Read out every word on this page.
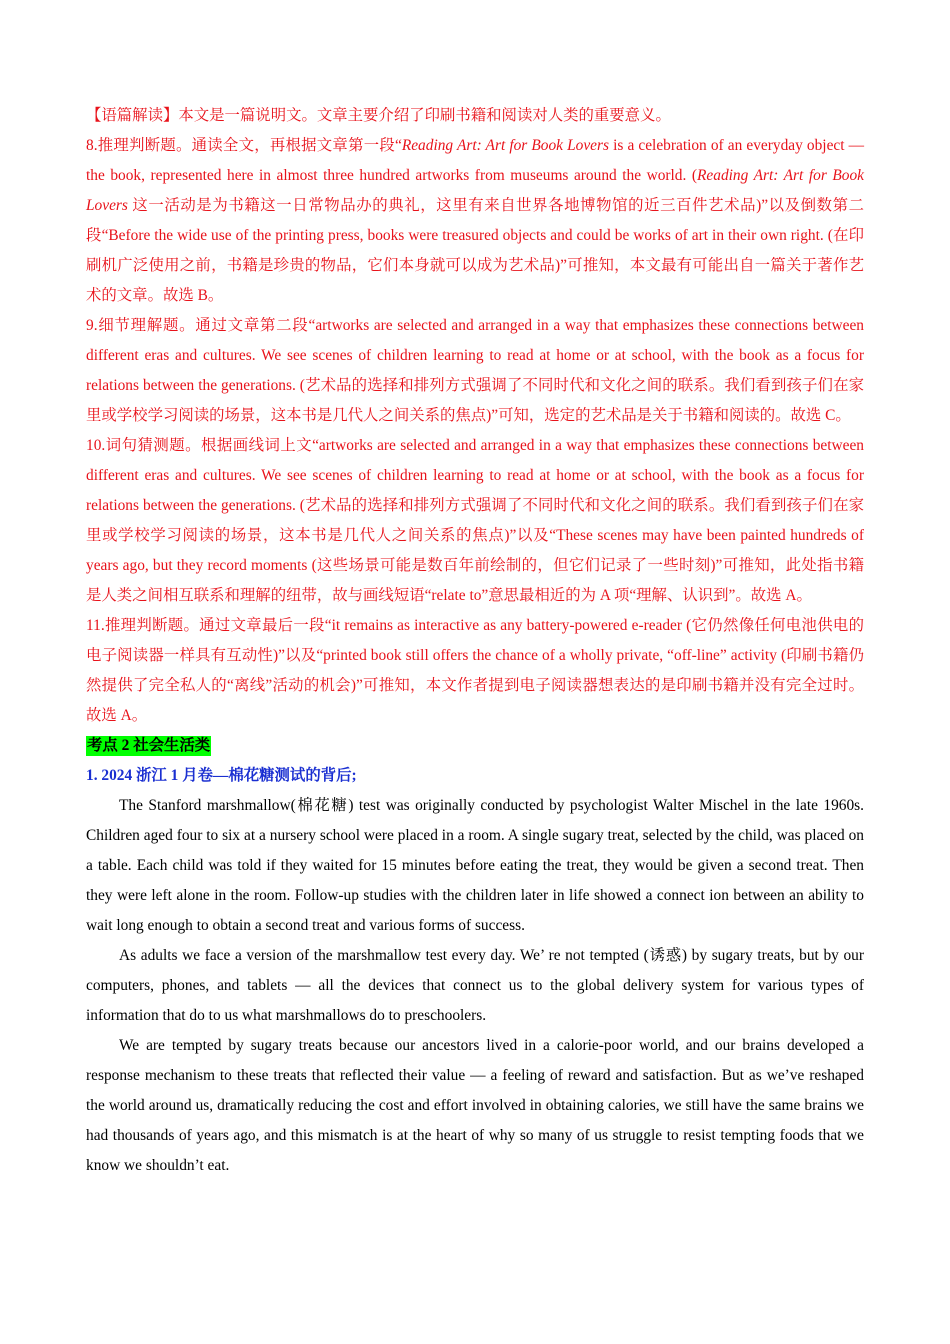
【语篇解读】本文是一篇说明文。文章主要介绍了印刷书籍和阅读对人类的重要意义。

8.推理判断题。通读全文，再根据文章第一段“Reading Art: Art for Book Lovers is a celebration of an everyday object — the book, represented here in almost three hundred artworks from museums around the world. (Reading Art: Art for Book Lovers 这一活动是为书籍这一日常物品办的典礼，这里有来自世界各地博物馆的近三百件艺术品)”以及倒数第二段“Before the wide use of the printing press, books were treasured objects and could be works of art in their own right. (在印刷机广泛使用之前，书籍是珍贵的物品，它们本身就可以成为艺术品)”可推知，本文最有可能出自一篇关于著作艺术的文章。故选 B。

9.细节理解题。通过文章第二段“artworks are selected and arranged in a way that emphasizes these connections between different eras and cultures. We see scenes of children learning to read at home or at school, with the book as a focus for relations between the generations. (艺术品的选择和排列方式强调了不同时代和文化之间的联系。我们看到孩子们在家里或学校学习阅读的场景，这本书是几代人之间关系的焦点)”可知，选定的艺术品是关于书籍和阅读的。故选 C。

10.词句猜测题。根据画线词上文“artworks are selected and arranged in a way that emphasizes these connections between different eras and cultures. We see scenes of children learning to read at home or at school, with the book as a focus for relations between the generations. (艺术品的选择和排列方式强调了不同时代和文化之间的联系。我们看到孩子们在家里或学校学习阅读的场景，这本书是几代人之间关系的焦点)”以及“These scenes may have been painted hundreds of years ago, but they record moments (这些场景可能是数百年前绘制的，但它们记录了一些时刻)”可推知，此处指书籍是人类之间相互联系和理解的纽带，故与画线短语“relate to”意思最相近的为 A 项“理解、认识到”。故选 A。

11.推理判断题。通过文章最后一段“it remains as interactive as any battery-powered e-reader (它仍然像任何电池供电的电子阅读器一样具有互动性)”以及“printed book still offers the chance of a wholly private, “off-line” activity (印刷书籍仍然提供了完全私人的“离线”活动的机会)”可推知，本文作者提到电子阅读器想表达的是印刷书籍并没有完全过时。故选 A。

考点 2 社会生活类

1. 2024 浙江 1 月卷—棉花糖测试的背后;

The Stanford marshmallow(棉花糖) test was originally conducted by psychologist Walter Mischel in the late 1960s. Children aged four to six at a nursery school were placed in a room. A single sugary treat, selected by the child, was placed on a table. Each child was told if they waited for 15 minutes before eating the treat, they would be given a second treat. Then they were left alone in the room. Follow-up studies with the children later in life showed a connect ion between an ability to wait long enough to obtain a second treat and various forms of success.

As adults we face a version of the marshmallow test every day. We’ re not tempted (诱惑) by sugary treats, but by our computers, phones, and tablets — all the devices that connect us to the global delivery system for various types of information that do to us what marshmallows do to preschoolers.

We are tempted by sugary treats because our ancestors lived in a calorie-poor world, and our brains developed a response mechanism to these treats that reflected their value — a feeling of reward and satisfaction. But as we’ve reshaped the world around us, dramatically reducing the cost and effort involved in obtaining calories, we still have the same brains we had thousands of years ago, and this mismatch is at the heart of why so many of us struggle to resist tempting foods that we know we shouldn’t eat.
